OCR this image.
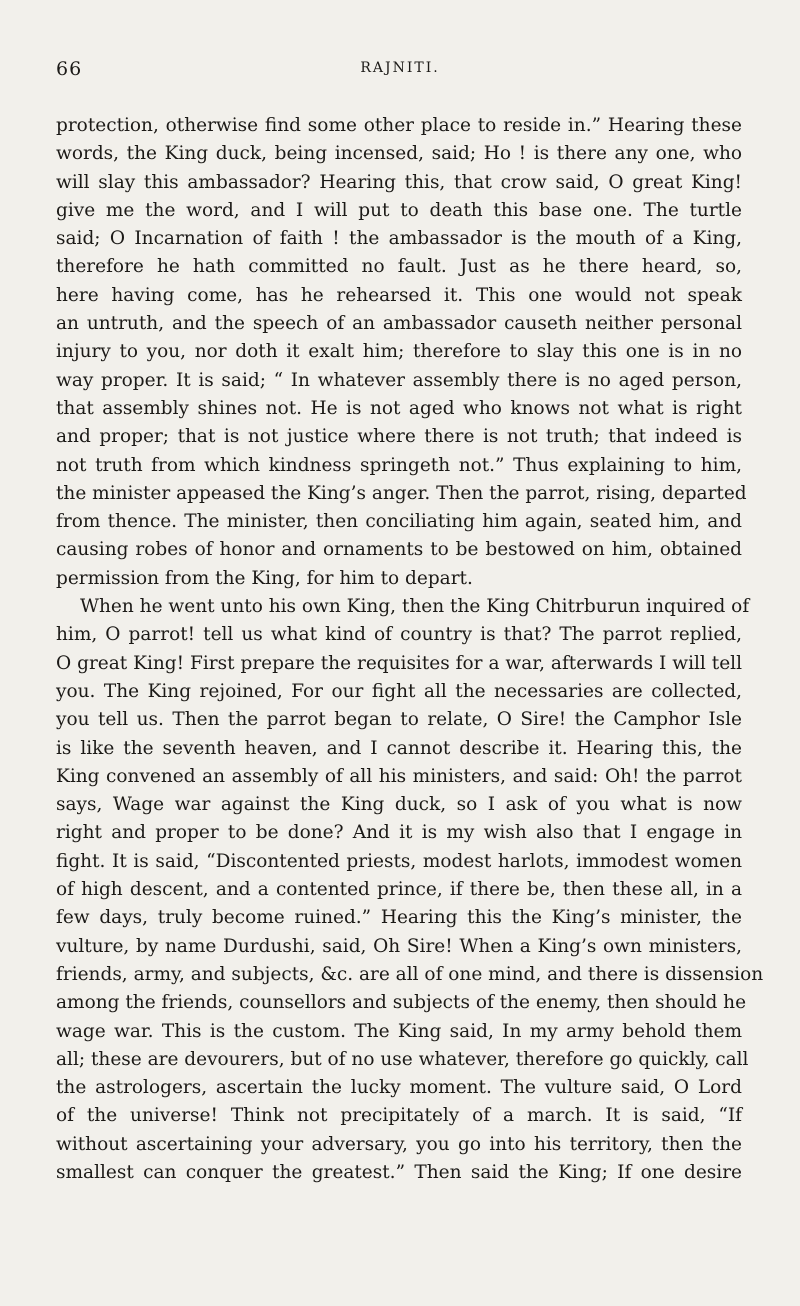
66	RAJNITI.
protection, otherwise find some other place to reside in.” Hearing these
words, the King duck, being incensed, said; Ho ! is there any one, who
will slay this ambassador? Hearing this, that crow said, O great King!
give me the word, and I will put to death this base one. The turtle
said; O Incarnation of faith ! the ambassador is the mouth of a King,
therefore he hath committed no fault. Just as he there heard, so,
here having come, has he rehearsed it. This one would not speak
an untruth, and the speech of an ambassador causeth neither personal
injury to you, nor doth it exalt him; therefore to slay this one is in no
way proper. It is said; “ In whatever assembly there is no aged person,
that assembly shines not. He is not aged who knows not what is right
and proper; that is not justice where there is not truth; that indeed is
not truth from which kindness springeth not.” Thus explaining to him,
the minister appeased the King’s anger. Then the parrot, rising, departed
from thence. The minister, then conciliating him again, seated him, and
causing robes of honor and ornaments to be bestowed on him, obtained
permission from the King, for him to depart.
When he went unto his own King, then the King Chitrburun inquired of
him, O parrot! tell us what kind of country is that? The parrot replied,
O great King! First prepare the requisites for a war, afterwards I will tell
you. The King rejoined, For our fight all the necessaries are collected,
you tell us. Then the parrot began to relate, O Sire! the Camphor Isle
is like the seventh heaven, and I cannot describe it. Hearing this, the
King convened an assembly of all his ministers, and said: Oh! the parrot
says, Wage war against the King duck, so I ask of you what is now
right and proper to be done? And it is my wish also that I engage in
fight. It is said, “Discontented priests, modest harlots, immodest women
of high descent, and a contented prince, if there be, then these all, in a
few days, truly become ruined.” Hearing this the King’s minister, the
vulture, by name Durdushi, said, Oh Sire! When a King’s own ministers,
friends, army, and subjects, &c. are all of one mind, and there is dissension
among the friends, counsellors and subjects of the enemy, then should he
wage war. This is the custom. The King said, In my army behold them
all; these are devourers, but of no use whatever, therefore go quickly, call
the astrologers, ascertain the lucky moment. The vulture said, O Lord
of the universe! Think not precipitately of a march. It is said, “If
without ascertaining your adversary, you go into his territory, then the
smallest can conquer the greatest.” Then said the King; If one desire
